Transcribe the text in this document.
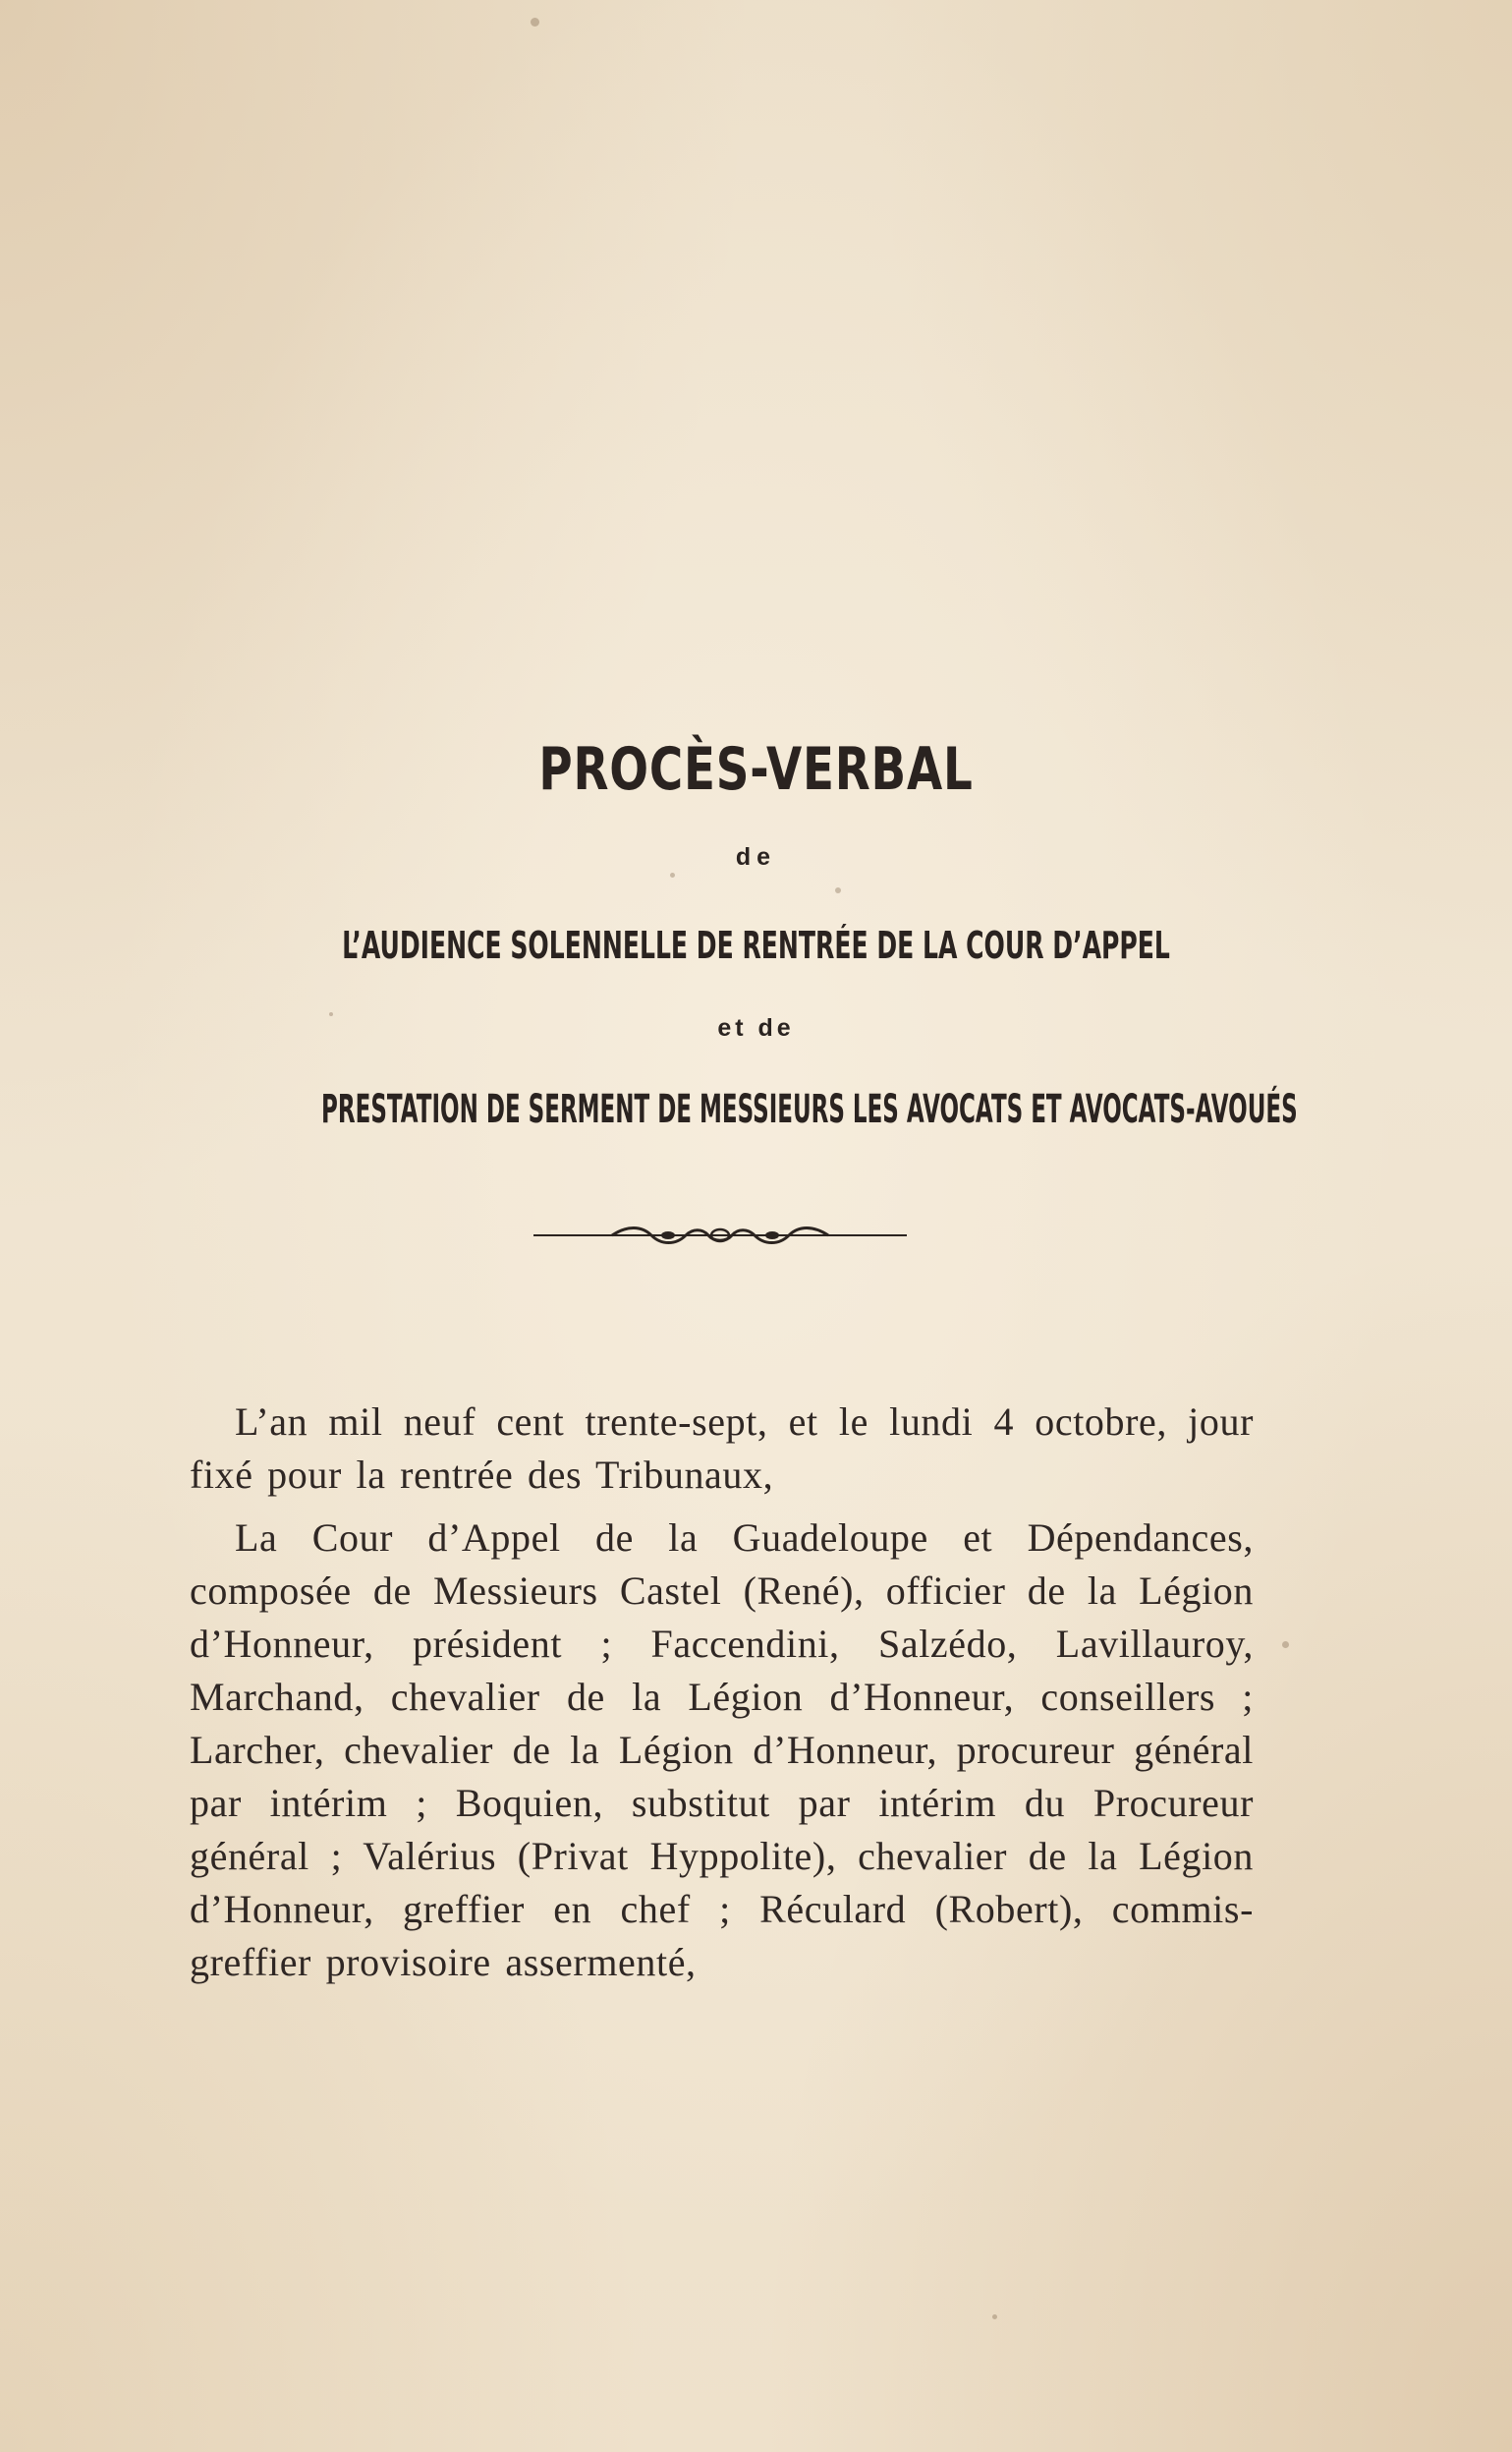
PROCÈS-VERBAL
de
L’AUDIENCE SOLENNELLE DE RENTRÉE DE LA COUR D’APPEL
et de
PRESTATION DE SERMENT DE MESSIEURS LES AVOCATS ET AVOCATS-AVOUÉS

L’an mil neuf cent trente-sept, et le lundi 4 octobre, jour fixé pour la rentrée des Tribunaux,

La Cour d’Appel de la Guadeloupe et Dépendances, composée de Messieurs Castel (René), officier de la Légion d’Honneur, président ; Faccendini, Salzédo, Lavillauroy, Marchand, chevalier de la Légion d’Honneur, conseillers ; Larcher, chevalier de la Légion d’Honneur, procureur général par intérim ; Boquien, substitut par intérim du Procureur général ; Valérius (Privat Hyppolite), chevalier de la Légion d’Honneur, greffier en chef ; Réculard (Robert), commis-greffier provisoire assermenté,
